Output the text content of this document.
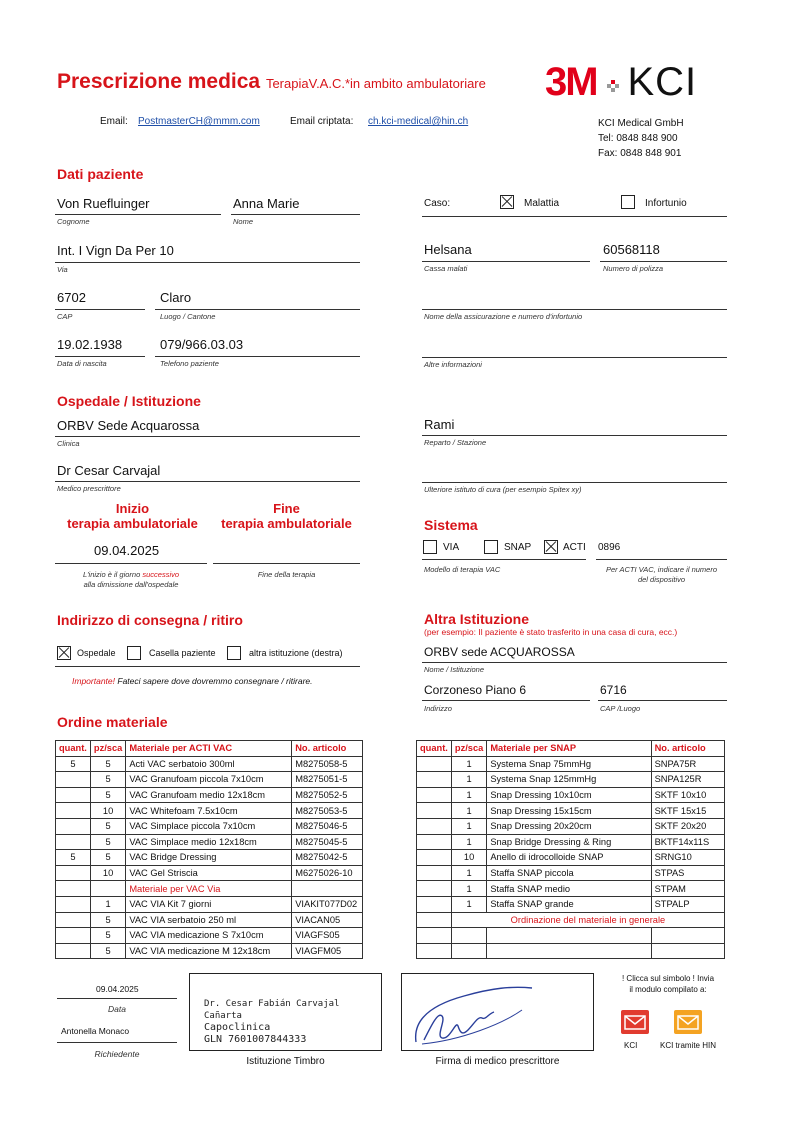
Prescrizione medica TerapiaV.A.C.*in ambito ambulatoriare 3M KCI
Email: PostmasterCH@mmm.com	Email criptata: ch.kci-medical@hin.ch	KCI Medical GmbH
Tel: 0848 848 900
Fax: 0848 848 901
Dati paziente
Von Ruefluinger	Anna Marie
Cognome	Nome
Int. I Vign Da Per 10
Via
6702	Claro
CAP	Luogo / Cantone
19.02.1938	079/966.03.03
Data di nascita	Telefono paziente
Caso:	Malattia	Infortunio
Helsana	60568118
Cassa malati	Numero di polizza
Nome della assicurazione e numero d'infortunio
Altre informazioni
Ospedale / Istituzione
ORBV Sede Acquarossa
Clinica
Rami
Reparto / Stazione
Dr Cesar Carvajal
Medico prescrittore	Ulteriore istituto di cura (per esempio Spitex xy)
Inizio
terapia ambulatoriale
Fine
terapia ambulatoriale
09.04.2025
L'inizio è il giorno successivo
alla dimissione dall'ospedale
Fine della terapia
Sistema
VIA	SNAP	ACTI 0896
Modello di terapia VAC	Per ACTI VAC, indicare il numero
del dispositivo
Indirizzo di consegna / ritiro
Ospedale	Casella paziente	altra istituzione (destra)
Importante! Fateci sapere dove dovremmo consegnare / ritirare.
Altra Istituzione
(per esempio: Il paziente è stato trasferito in una casa di cura, ecc.)
ORBV sede ACQUAROSSA
Nome / Istituzione
Corzoneso Piano 6	6716
Indirizzo	CAP /Luogo
Ordine materiale
quant.	pz/sca	Materiale per ACTI VAC	No. articolo
5	5	Acti VAC serbatoio 300ml	M8275058-5
	5	VAC Granufoam piccola 7x10cm	M8275051-5
	5	VAC Granufoam medio 12x18cm	M8275052-5
	10	VAC Whitefoam 7.5x10cm	M8275053-5
	5	VAC Simplace piccola 7x10cm	M8275046-5
	5	VAC Simplace medio 12x18cm	M8275045-5
5	5	VAC Bridge Dressing	M8275042-5
	10	VAC Gel Striscia	M6275026-10
		Materiale per VAC Via	
	1	VAC VIA Kit 7 giorni	VIAKIT077D02
	5	VAC VIA serbatoio 250 ml	VIACAN05
	5	VAC VIA medicazione S 7x10cm	VIAGFS05
	5	VAC VIA medicazione M 12x18cm	VIAGFM05
quant.	pz/sca	Materiale per SNAP	No. articolo
	1	Systema Snap 75mmHg	SNPA75R
	1	Systema Snap 125mmHg	SNPA125R
	1	Snap Dressing 10x10cm	SKTF 10x10
	1	Snap Dressing 15x15cm	SKTF 15x15
	1	Snap Dressing 20x20cm	SKTF 20x20
	1	Snap Bridge Dressing & Ring	BKTF14x11S
	10	Anello di idrocolloide SNAP	SRNG10
	1	Staffa SNAP piccola	STPAS
	1	Staffa SNAP medio	STPAM
	1	Staffa SNAP grande	STPALP
	Ordinazione del materiale in generale		

09.04.2025
Data
Antonella Monaco
Richiedente
Dr. Cesar Fabián Carvajal Cañarta
Capoclinica
GLN 7601007844333
Istituzione Timbro	Firma di medico prescrittore
! Clicca sul simbolo ! Invia
il modulo compilato a:
KCI	KCI tramite HIN
